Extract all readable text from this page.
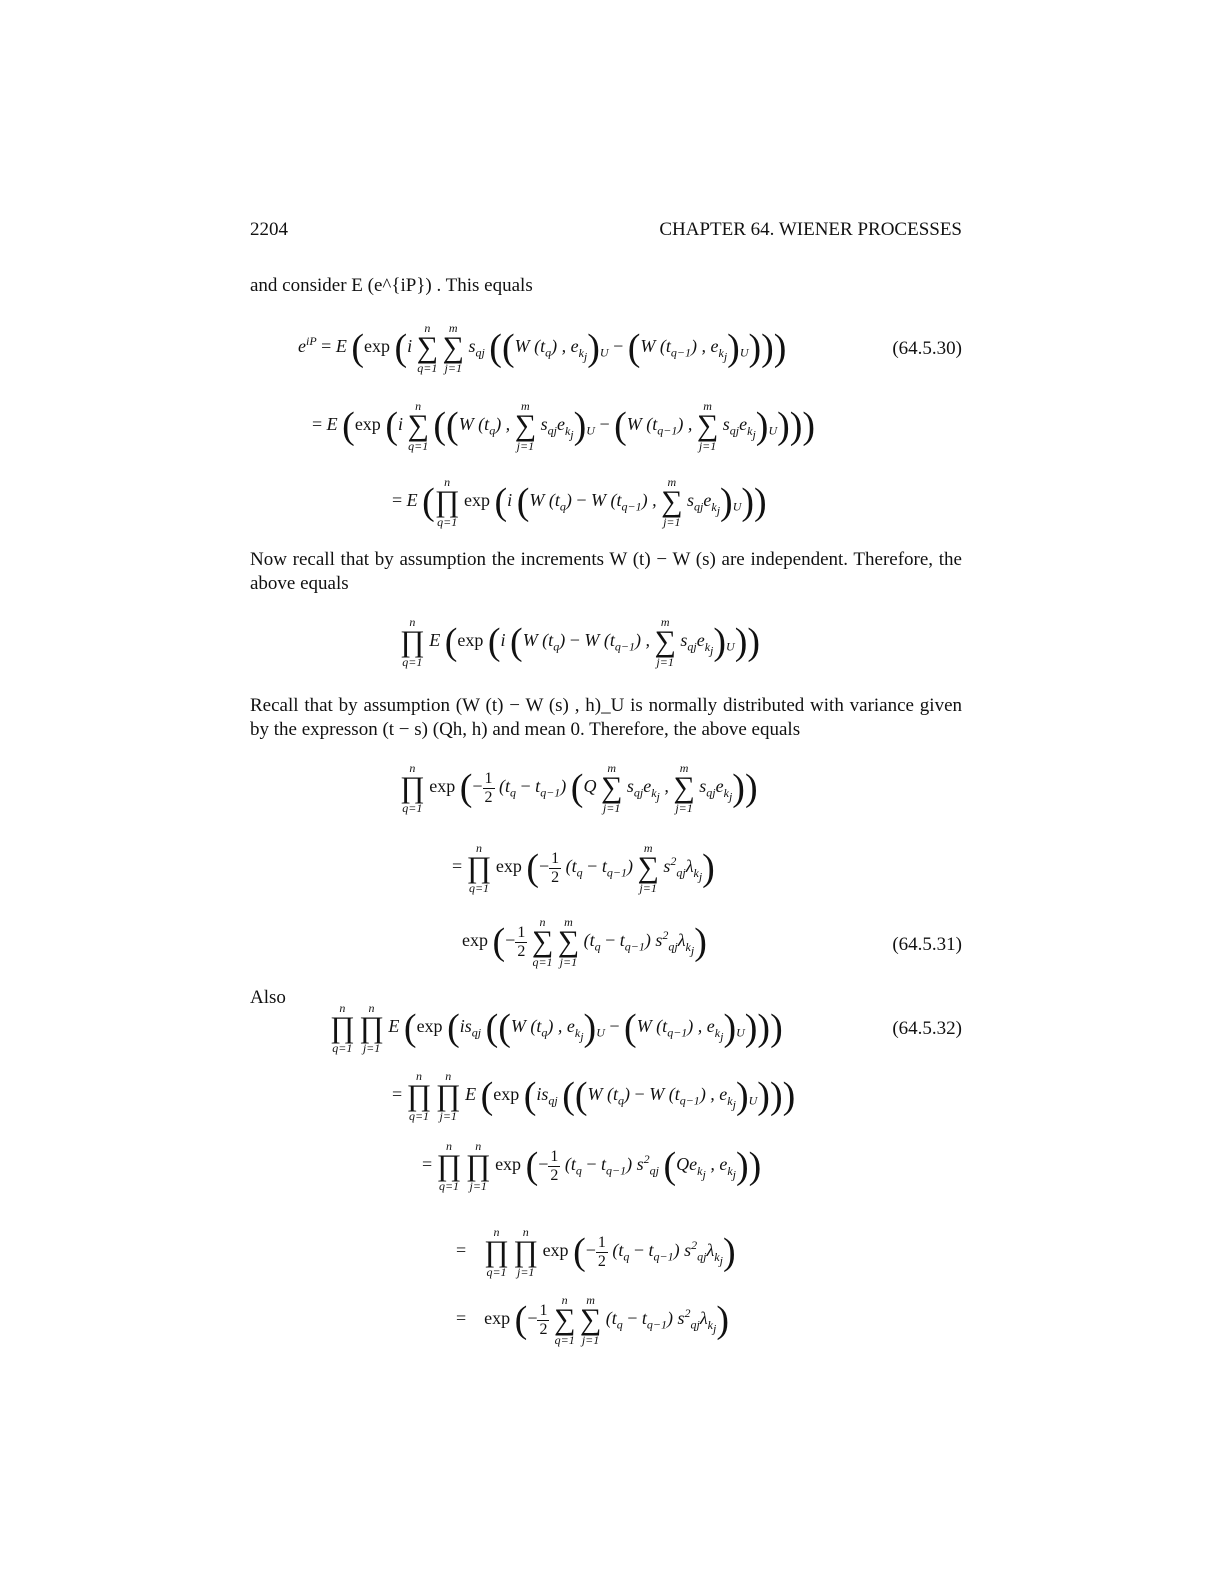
2204	CHAPTER 64. WIENER PROCESSES
and consider E (e^{iP}) . This equals
$e^{iP} = E$ (exp (i
n
∑
q=1

m
∑
j=1
$s_{qj}$ ((W $(t_q)$ , $e_{k_j})_U - (W$ $(t_{q-1})$ , $e_{k_j})_U$)))	(64.5.30)
= E (exp (i
n
∑
q=1 ((W $(t_q)$ ,
m
∑
j=1
$s_{qj}e_{k_j})_U - (W$ $(t_{q-1})$ ,
m
∑
j=1
$s_{qj}e_{k_j})_U$)))
= E ( n
∏
q=1
exp (i (W $(t_q) - W$ $(t_{q-1})$ ,
m
∑
j=1
$s_{qj}e_{k_j})_U$))
Now recall that by assumption the increments W (t) − W (s) are independent. Therefore, the above equals
n
∏
q=1
E (exp (i (W $(t_q) - W$ $(t_{q-1})$ ,
m
∑
j=1
$s_{qj}e_{k_j})_U$))
Recall that by assumption (W (t) − W (s) , h)_U is normally distributed with variance given by the expresson (t − s) (Qh, h) and mean 0. Therefore, the above equals
n
∏
q=1
exp (− $\frac{1}{2} (t_q - t_{q-1})$ (Q
m
∑
j=1
$s_{qj}e_{k_j}$ ,
m
∑
j=1
$s_{qj}e_{k_j}$))
=
n
∏
q=1
exp (− $\frac{1}{2} (t_q - t_{q-1})$
m
∑
j=1
$s^2_{qj}\lambda_{k_j}$)
exp (− $\frac{1}{2}$

n
∑
q=1

m
∑
j=1
$(t_q - t_{q-1})$ $s^2_{qj}\lambda_{k_j}$)	(64.5.31)
Also	n
∏
q=1

n
∏
j=1
E (exp ($is_{qj}$ ((W $(t_q)$ , $e_{k_j})_U - (W$ $(t_{q-1})$ , $e_{k_j})_U$)))	(64.5.32)
=
n
∏
q=1

n
∏
j=1
E (exp ($is_{qj}$ ((W $(t_q) - W$ $(t_{q-1})$ , $e_{k_j})_U$)))
=
n
∏
q=1

n
∏
j=1
exp (− $\frac{1}{2} (t_q - t_{q-1})$ $s^2_{qj}$ ($Qe_{k_j}$ , $e_{k_j}$))
=
n
∏
q=1

n
∏
j=1
exp (− $\frac{1}{2} (t_q - t_{q-1})$ $s^2_{qj}\lambda_{k_j}$)
= exp (− $\frac{1}{2}$

n
∑
q=1

m
∑
j=1
$(t_q - t_{q-1})$ $s^2_{qj}\lambda_{k_j}$)
